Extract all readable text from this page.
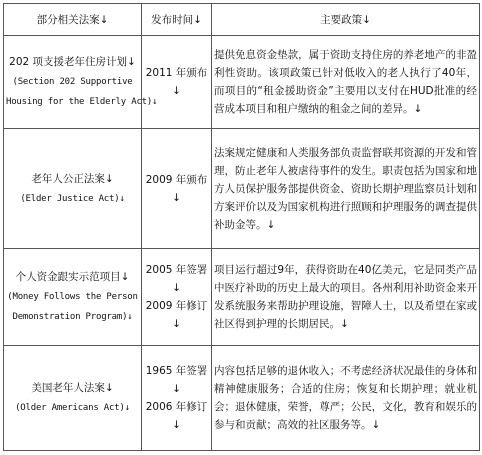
部分相关法案↓	发布时间↓	主要政策↓

202 项支援老年住房计划↓
(Section 202 Supportive
Housing for the Elderly Act)↓	2011 年颁布↓	提供免息资金垫款，属于资助支持住房的养老地产的非盈利性资助。该项政策已针对低收入的老人执行了40年，而项目的“租金援助资金”主要用以支付在HUD批准的经营成本项目和租户缴纳的租金之间的差异。↓

老年人公正法案↓
(Elder Justice Act)↓	2009 年颁布↓	法案规定健康和人类服务部负责监督联邦资源的开发和管理，防止老年人被虐待事件的发生。职责包括为国家和地方人员保护服务部提供资金、资助长期护理监察员计划和方案评价以及为国家机构进行照顾和护理服务的调查提供补助金等。↓

个人资金跟实示范项目↓
(Money Follows the Person
Demonstration Program)↓	2005 年签署↓
2009 年修订↓	项目运行超过9年，获得资助在40亿美元，它是同类产品中医疗补助的历史上最大的项目。各州利用补助资金来开发系统服务来帮助护理设施，智障人士，以及希望在家或社区得到护理的长期居民。↓

美国老年人法案↓
(Older Americans Act)↓	1965 年签署↓
2006 年修订↓	内容包括足够的退休收入；不考虑经济状况最佳的身体和精神健康服务；合适的住房；恢复和长期护理；就业机会；退休健康，荣誉，尊严；公民，文化，教育和娱乐的参与和贡献；高效的社区服务等。↓
